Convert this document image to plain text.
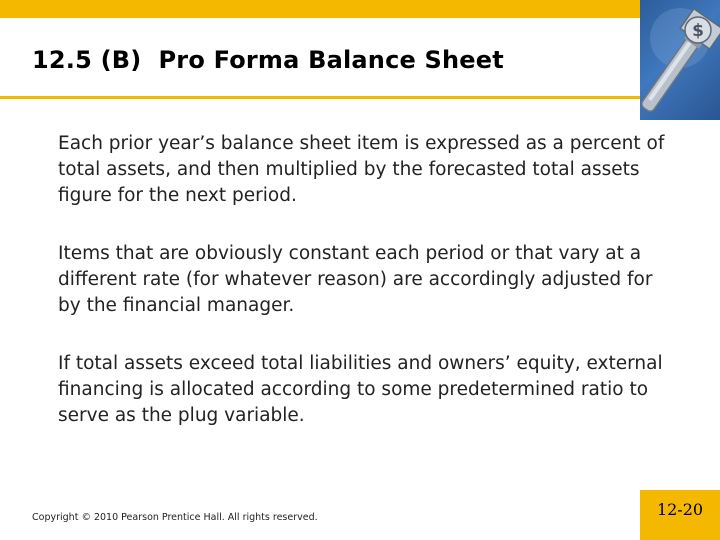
$
12.5 (B)  Pro Forma Balance Sheet

Each prior year’s balance sheet item is expressed as a percent of total assets, and then multiplied by the forecasted total assets figure for the next period.

Items that are obviously constant each period or that vary at a different rate (for whatever reason) are accordingly adjusted for by the financial manager.

If total assets exceed total liabilities and owners’ equity, external financing is allocated according to some predetermined ratio to serve as the plug variable.

Copyright © 2010 Pearson Prentice Hall. All rights reserved.	12-20
